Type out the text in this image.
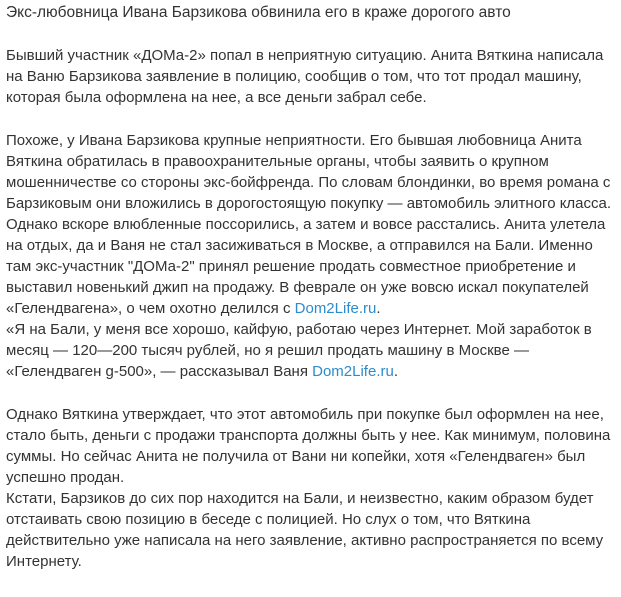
Экс-любовница Ивана Барзикова обвинила его в краже дорогого авто

Бывший участник «ДОМа-2» попал в неприятную ситуацию. Анита Вяткина написала на Ваню Барзикова заявление в полицию, сообщив о том, что тот продал машину, которая была оформлена на нее, а все деньги забрал себе.

Похоже, у Ивана Барзикова крупные неприятности. Его бывшая любовница Анита Вяткина обратилась в правоохранительные органы, чтобы заявить о крупном мошенничестве со стороны экс-бойфренда. По словам блондинки, во время романа с Барзиковым они вложились в дорогостоящую покупку — автомобиль элитного класса. Однако вскоре влюбленные поссорились, а затем и вовсе расстались. Анита улетела на отдых, да и Ваня не стал засиживаться в Москве, а отправился на Бали. Именно там экс-участник "ДОМа-2" принял решение продать совместное приобретение и выставил новенький джип на продажу. В феврале он уже вовсю искал покупателей «Гелендвагена», о чем охотно делился с Dom2Life.ru.

«Я на Бали, у меня все хорошо, кайфую, работаю через Интернет. Мой заработок в месяц — 120—200 тысяч рублей, но я решил продать машину в Москве — «Гелендваген g-500», — рассказывал Ваня Dom2Life.ru.

Однако Вяткина утверждает, что этот автомобиль при покупке был оформлен на нее, стало быть, деньги с продажи транспорта должны быть у нее. Как минимум, половина суммы. Но сейчас Анита не получила от Вани ни копейки, хотя «Гелендваген» был успешно продан.

Кстати, Барзиков до сих пор находится на Бали, и неизвестно, каким образом будет отстаивать свою позицию в беседе с полицией. Но слух о том, что Вяткина действительно уже написала на него заявление, активно распространяется по всему Интернету.
